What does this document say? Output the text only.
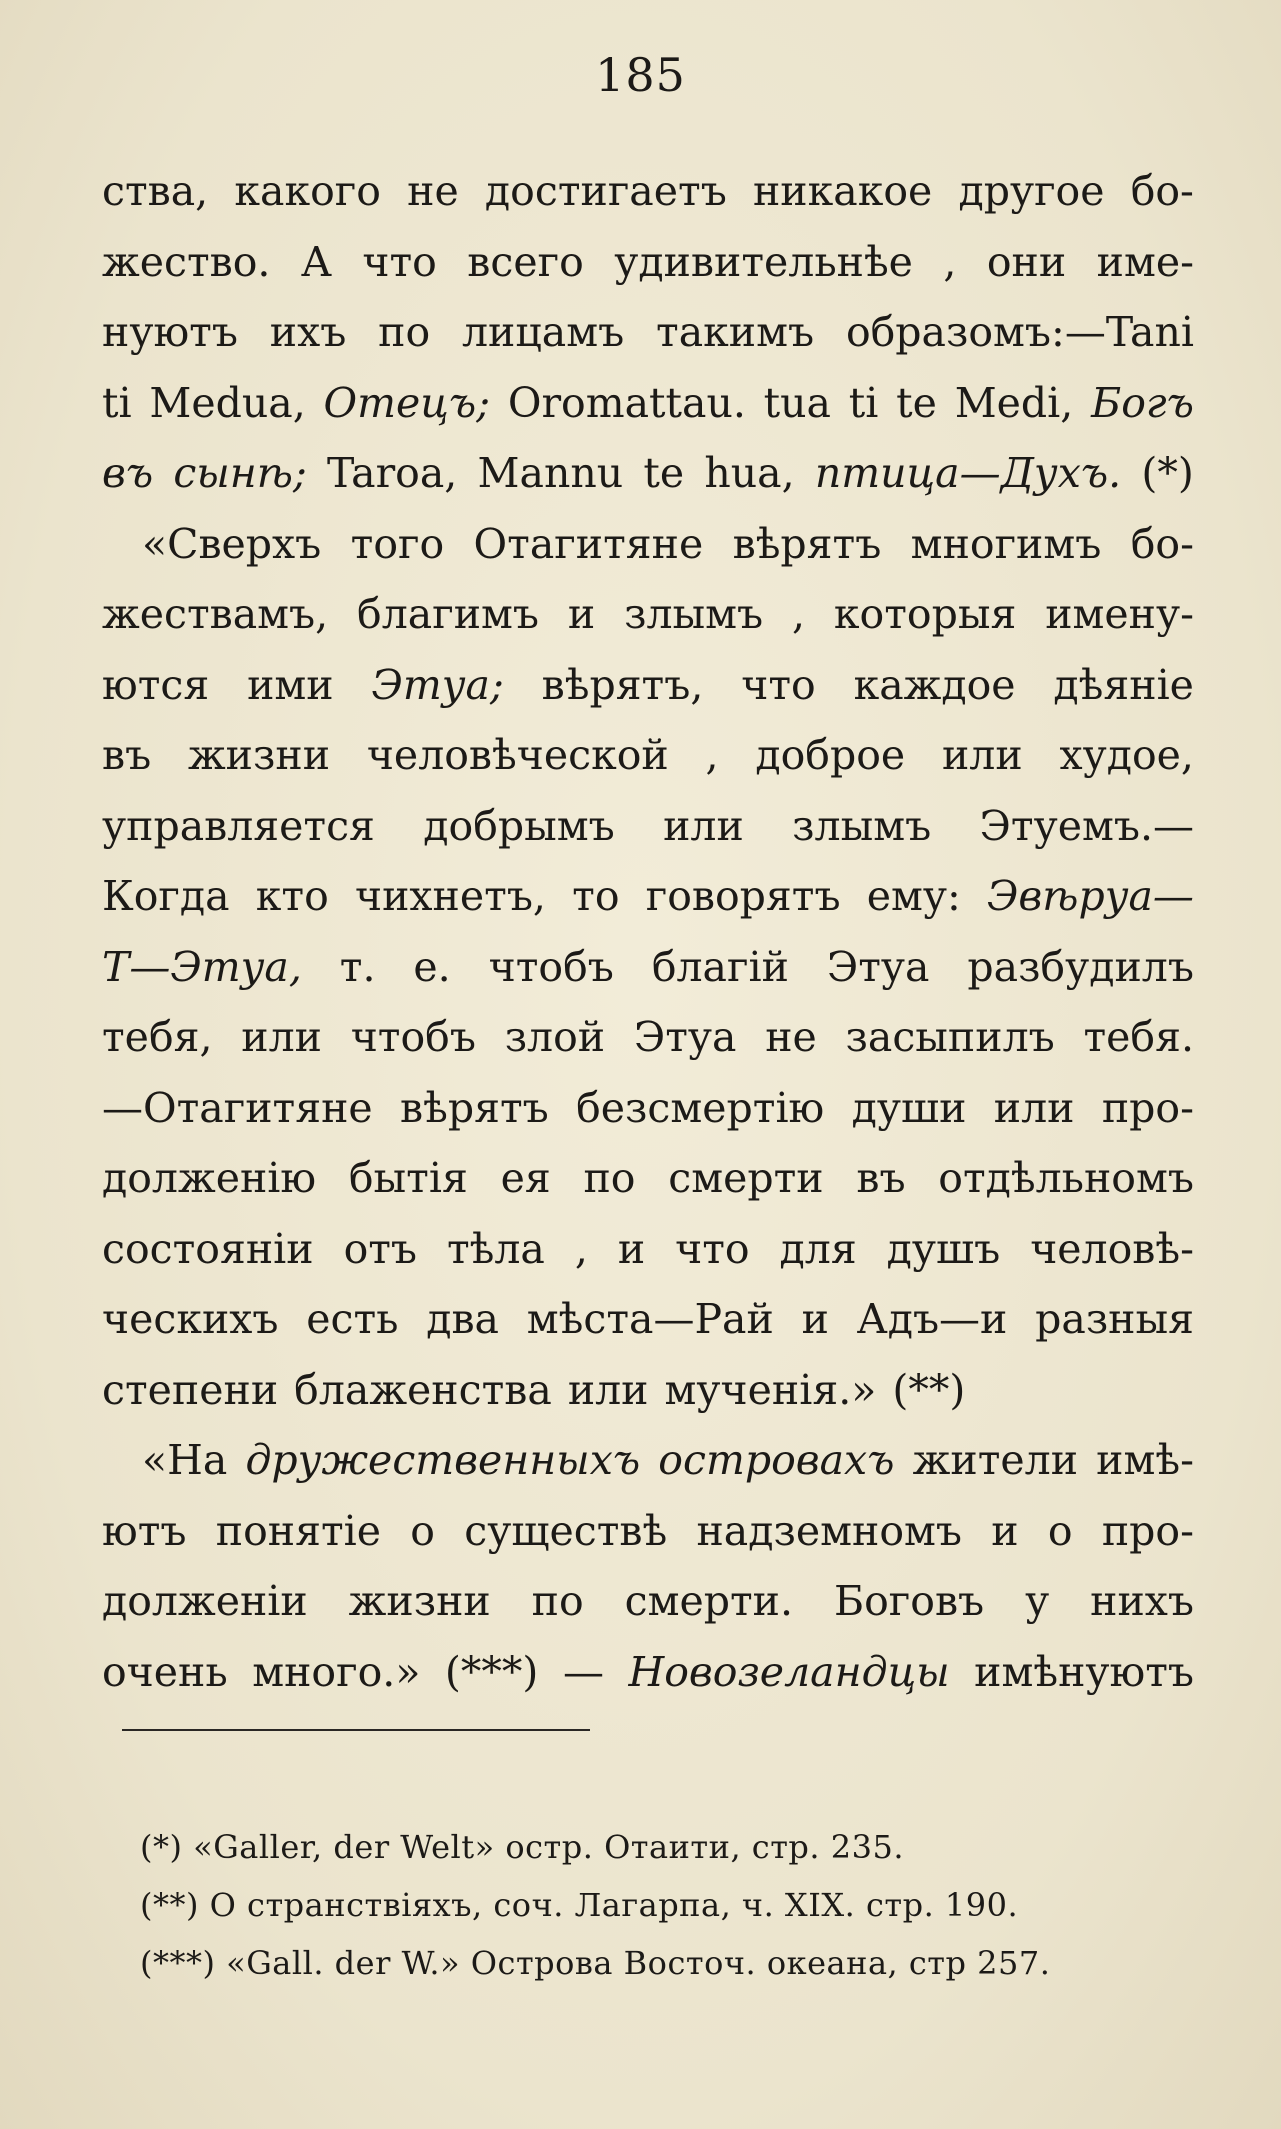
185
ства, какого не достигаетъ никакое другое бо-
жество. А что всего удивительнѣе , они име-
нуютъ ихъ по лицамъ такимъ образомъ:—Tani
ti Medua, Отецъ; Oromattau. tua ti te Medi, Богъ
въ сынѣ; Taroa, Mannu te hua, птица—Духъ. (*)
«Сверхъ того Отагитяне вѣрятъ многимъ бо-
жествамъ, благимъ и злымъ , которыя имену-
ются ими Этуа; вѣрятъ, что каждое дѣяніе
въ жизни человѣческой , доброе или худое,
управляется добрымъ или злымъ Этуемъ.—
Когда кто чихнетъ, то говорятъ ему: Эвѣруа—
Т—Этуа, т. е. чтобъ благій Этуа разбудилъ
тебя, или чтобъ злой Этуа не засыпилъ тебя.
—Отагитяне вѣрятъ безсмертію души или про-
долженію бытія ея по смерти въ отдѣльномъ
состояніи отъ тѣла , и что для душъ человѣ-
ческихъ есть два мѣста—Рай и Адъ—и разныя
степени блаженства или мученія.» (**)
«На дружественныхъ островахъ жители имѣ-
ютъ понятіе о существѣ надземномъ и о про-
долженіи жизни по смерти. Боговъ у нихъ
очень много.» (***) — Новозеландцы имѣнуютъ
(*) «Galler, der Welt» остр. Отаити, стр. 235.
(**) О странствіяхъ, соч. Лагарпа, ч. XIX. стр. 190.
(***) «Gall. der W.» Острова Восточ. океана, стр 257.
